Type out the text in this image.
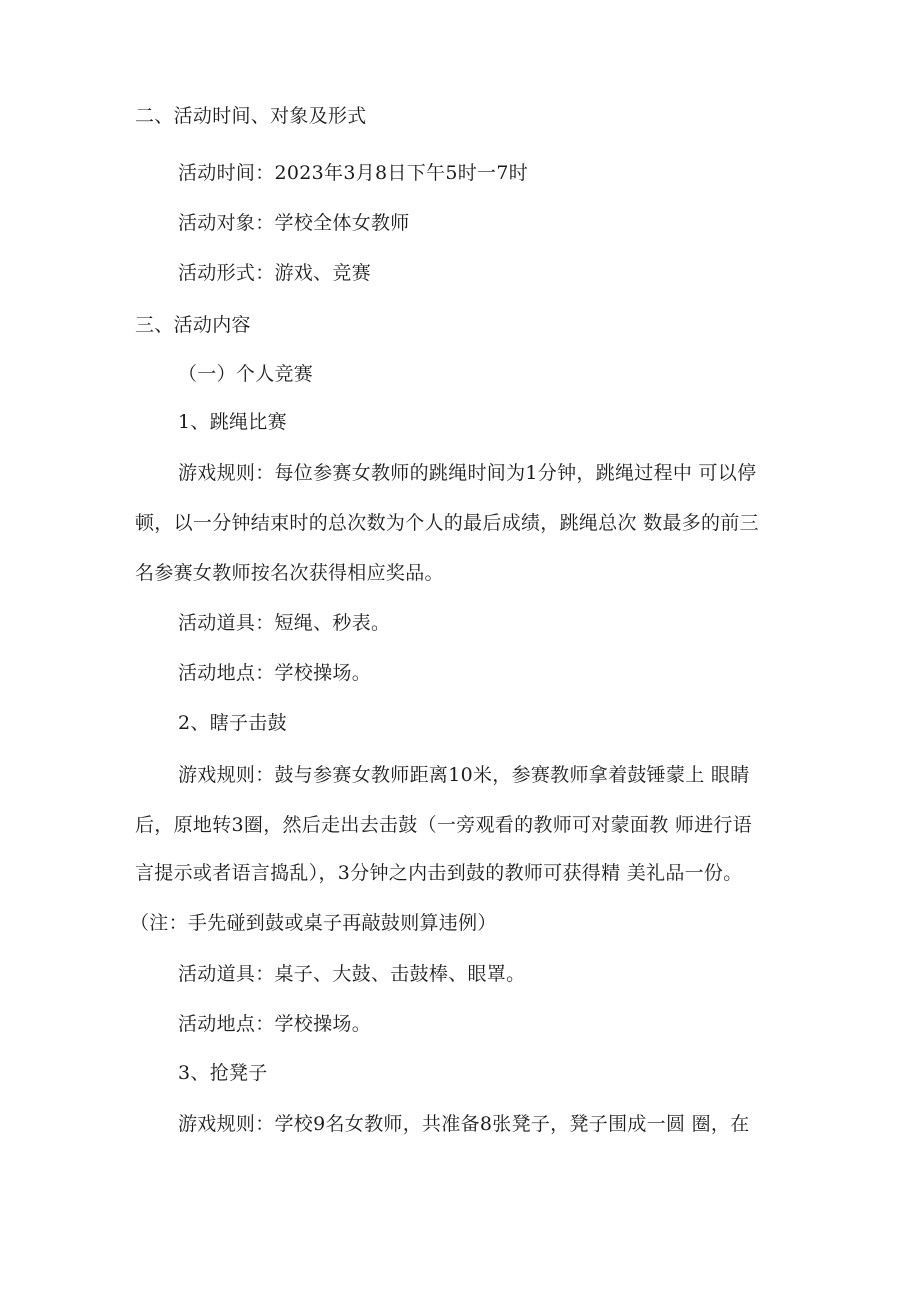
二、活动时间、对象及形式
活动时间：2023年3月8日下午5时一7时
活动对象：学校全体女教师
活动形式：游戏、竞赛
三、活动内容
（一）个人竞赛
1、跳绳比赛
游戏规则：每位参赛女教师的跳绳时间为1分钟，跳绳过程中 可以停
顿，以一分钟结束时的总次数为个人的最后成绩，跳绳总次 数最多的前三
名参赛女教师按名次获得相应奖品。
活动道具：短绳、秒表。
活动地点：学校操场。
2、瞎子击鼓
游戏规则：鼓与参赛女教师距离10米，参赛教师拿着鼓锤蒙上 眼睛
后，原地转3圈，然后走出去击鼓（一旁观看的教师可对蒙面教 师进行语
言提示或者语言捣乱），3分钟之内击到鼓的教师可获得精 美礼品一份。
（注：手先碰到鼓或桌子再敲鼓则算违例）
活动道具：桌子、大鼓、击鼓棒、眼罩。
活动地点：学校操场。
3、抢凳子
游戏规则：学校9名女教师，共准备8张凳子，凳子围成一圆 圈，在
